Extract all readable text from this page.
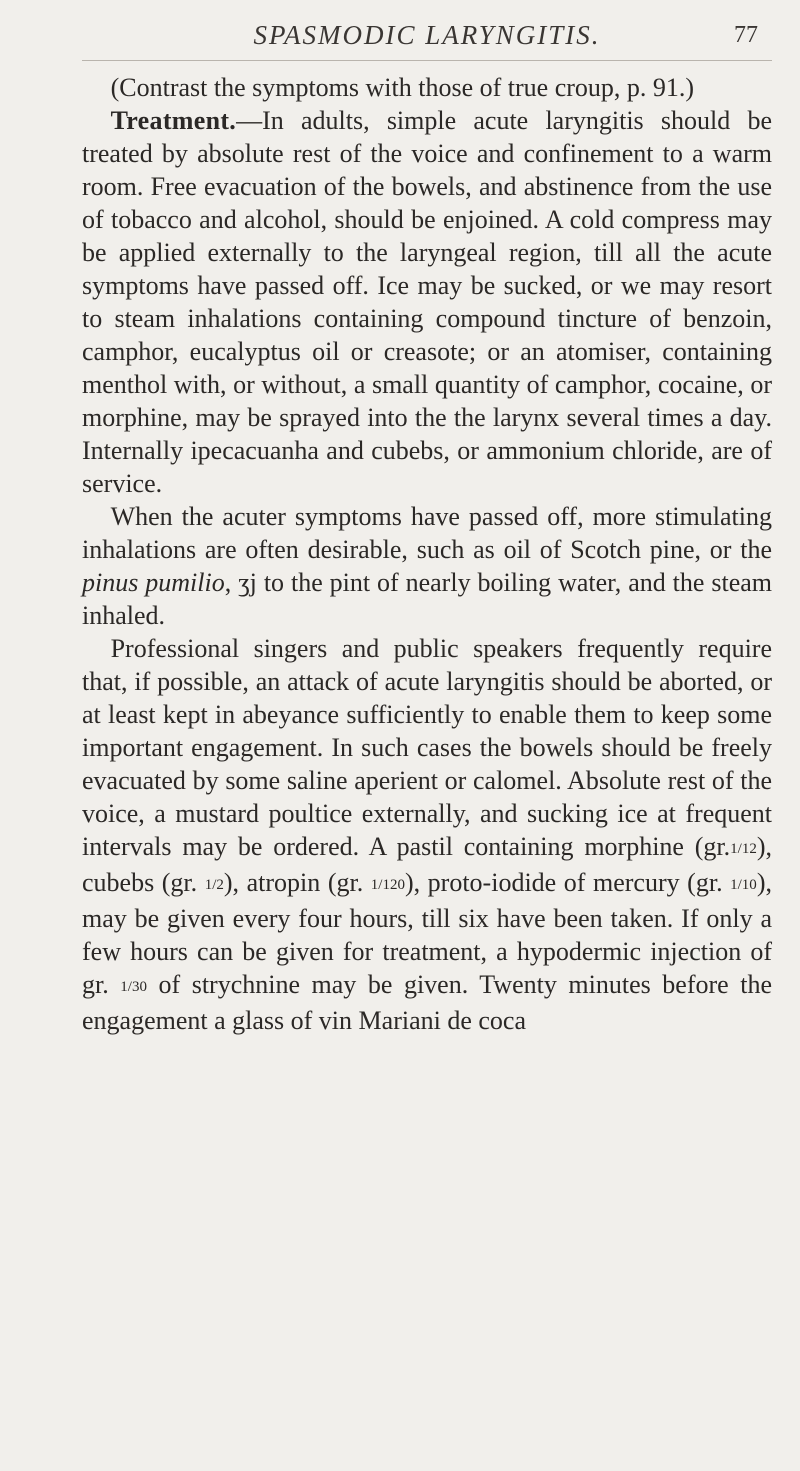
SPASMODIC LARYNGITIS.	77

(Contrast the symptoms with those of true croup, p. 91.)

Treatment.—In adults, simple acute laryngitis should be treated by absolute rest of the voice and confinement to a warm room. Free evacuation of the bowels, and abstinence from the use of tobacco and alcohol, should be enjoined. A cold compress may be applied externally to the laryngeal region, till all the acute symptoms have passed off. Ice may be sucked, or we may resort to steam inhalations containing compound tincture of benzoin, camphor, eucalyptus oil or creasote; or an atomiser, containing menthol with, or without, a small quantity of camphor, cocaine, or morphine, may be sprayed into the the larynx several times a day. Internally ipecacuanha and cubebs, or ammonium chloride, are of service.

When the acuter symptoms have passed off, more stimulating inhalations are often desirable, such as oil of Scotch pine, or the pinus pumilio, ʒj to the pint of nearly boiling water, and the steam inhaled.

Professional singers and public speakers frequently require that, if possible, an attack of acute laryngitis should be aborted, or at least kept in abeyance sufficiently to enable them to keep some important engagement. In such cases the bowels should be freely evacuated by some saline aperient or calomel. Absolute rest of the voice, a mustard poultice externally, and sucking ice at frequent intervals may be ordered. A pastil containing morphine (gr.1/12), cubebs (gr. 1/2), atropin (gr. 1/120), proto-iodide of mercury (gr. 1/10), may be given every four hours, till six have been taken. If only a few hours can be given for treatment, a hypodermic injection of gr. 1/30 of strychnine may be given. Twenty minutes before the engagement a glass of vin Mariani de coca
